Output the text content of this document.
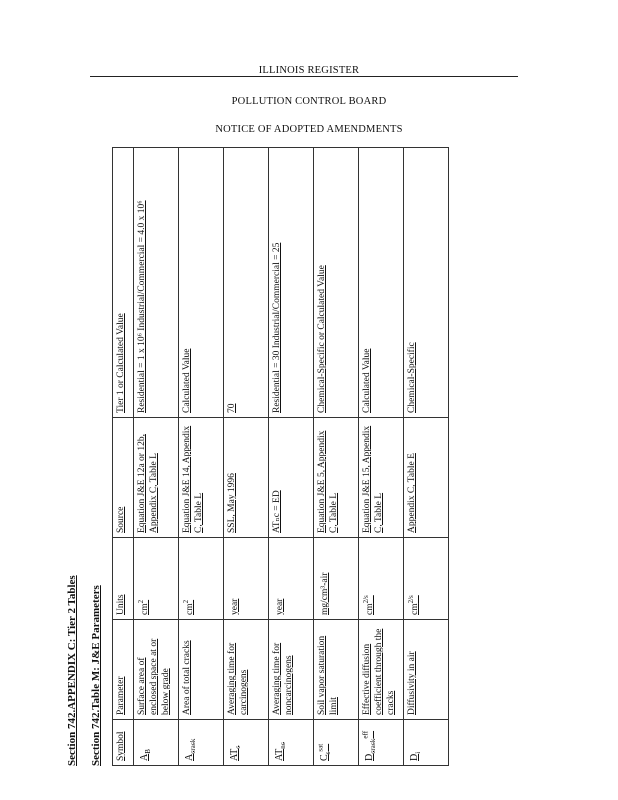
ILLINOIS REGISTER
POLLUTION CONTROL BOARD
NOTICE OF ADOPTED AMENDMENTS
Section 742.APPENDIX C: Tier 2 Tables Section 742.Table M: J&E Parameters Symbol	Parameter	Units	Source	Tier 1 or Calculated Value
$A_B$	Surface area of enclosed space at or below grade	$cm^2$	Equation J&E 12a or 12b, Appendix C, Table L	Residential = 1 x 10⁶ Industrial/Commercial = 4.0 x 10⁶
$A_{crack}$	Area of total cracks	$cm^2$	Equation J&E 14, Appendix C, Table L	Calculated Value
$AT_c$	Averaging time for carcinogens	year	SSL, May 1996	70
$AT_{nc}$	Averaging time for noncarcinogens	year	ATₙc = ED	Residential = 30 Industrial/Commercial = 25
$C_s^{sat}$	Soil vapor saturation limit	mg/cm³-air	Equation J&E 5, Appendix C, Table L	Chemical-Specific or Calculated Value
$D_{crack}^{eff}$	Effective diffusion coefficient through the cracks	$cm^{2/s}$	Equation J&E 15, Appendix C, Table L	Calculated Value
$D_i$	Diffusivity in air	$cm^{2/s}$	Appendix C, Table E	Chemical-Specific
